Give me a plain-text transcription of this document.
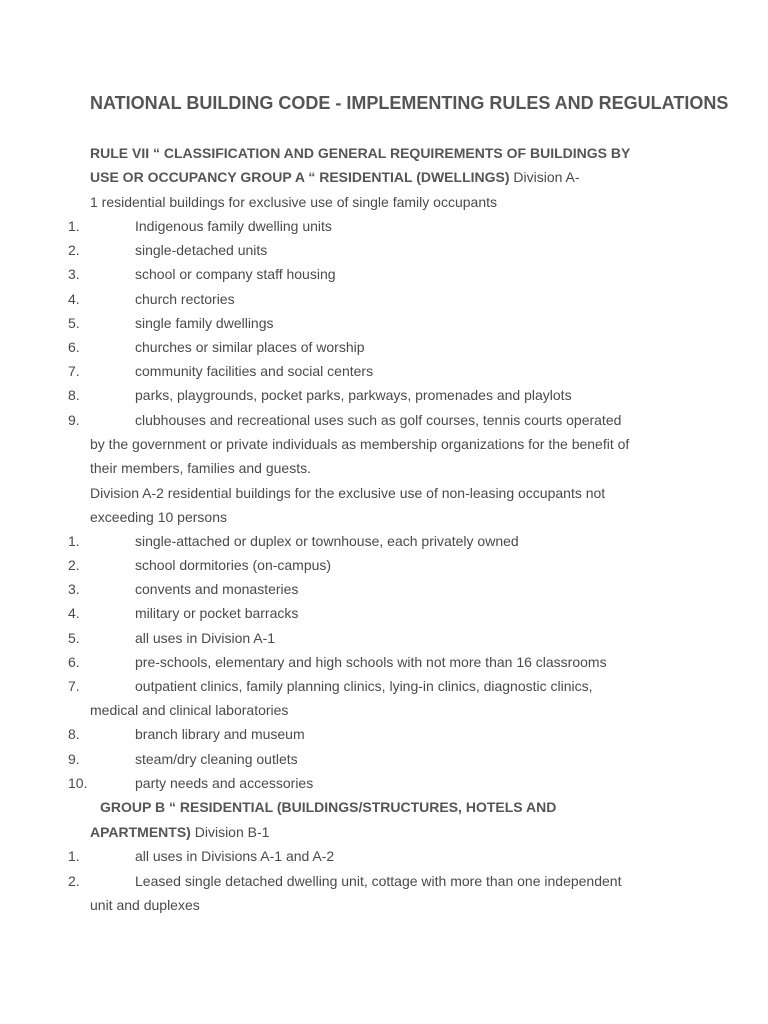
NATIONAL BUILDING CODE - IMPLEMENTING RULES AND REGULATIONS
RULE VII “ CLASSIFICATION AND GENERAL REQUIREMENTS OF BUILDINGS BY
USE OR OCCUPANCY GROUP A “ RESIDENTIAL (DWELLINGS) Division A-
1 residential buildings for exclusive use of single family occupants
1.	Indigenous family dwelling units
2.	single-detached units
3.	school or company staff housing
4.	church rectories
5.	single family dwellings
6.	churches or similar places of worship
7.	community facilities and social centers
8.	parks, playgrounds, pocket parks, parkways, promenades and playlots
9.	clubhouses and recreational uses such as golf courses, tennis courts operated
by the government or private individuals as membership organizations for the benefit of
their members, families and guests.
Division A-2 residential buildings for the exclusive use of non-leasing occupants not
exceeding 10 persons
1.	single-attached or duplex or townhouse, each privately owned
2.	school dormitories (on-campus)
3.	convents and monasteries
4.	military or pocket barracks
5.	all uses in Division A-1
6.	pre-schools, elementary and high schools with not more than 16 classrooms
7.	outpatient clinics, family planning clinics, lying-in clinics, diagnostic clinics,
medical and clinical laboratories
8.	branch library and museum
9.	steam/dry cleaning outlets
10.	party needs and accessories
GROUP B “ RESIDENTIAL (BUILDINGS/STRUCTURES, HOTELS AND
APARTMENTS) Division B-1
1.	all uses in Divisions A-1 and A-2
2.	Leased single detached dwelling unit, cottage with more than one independent
unit and duplexes
